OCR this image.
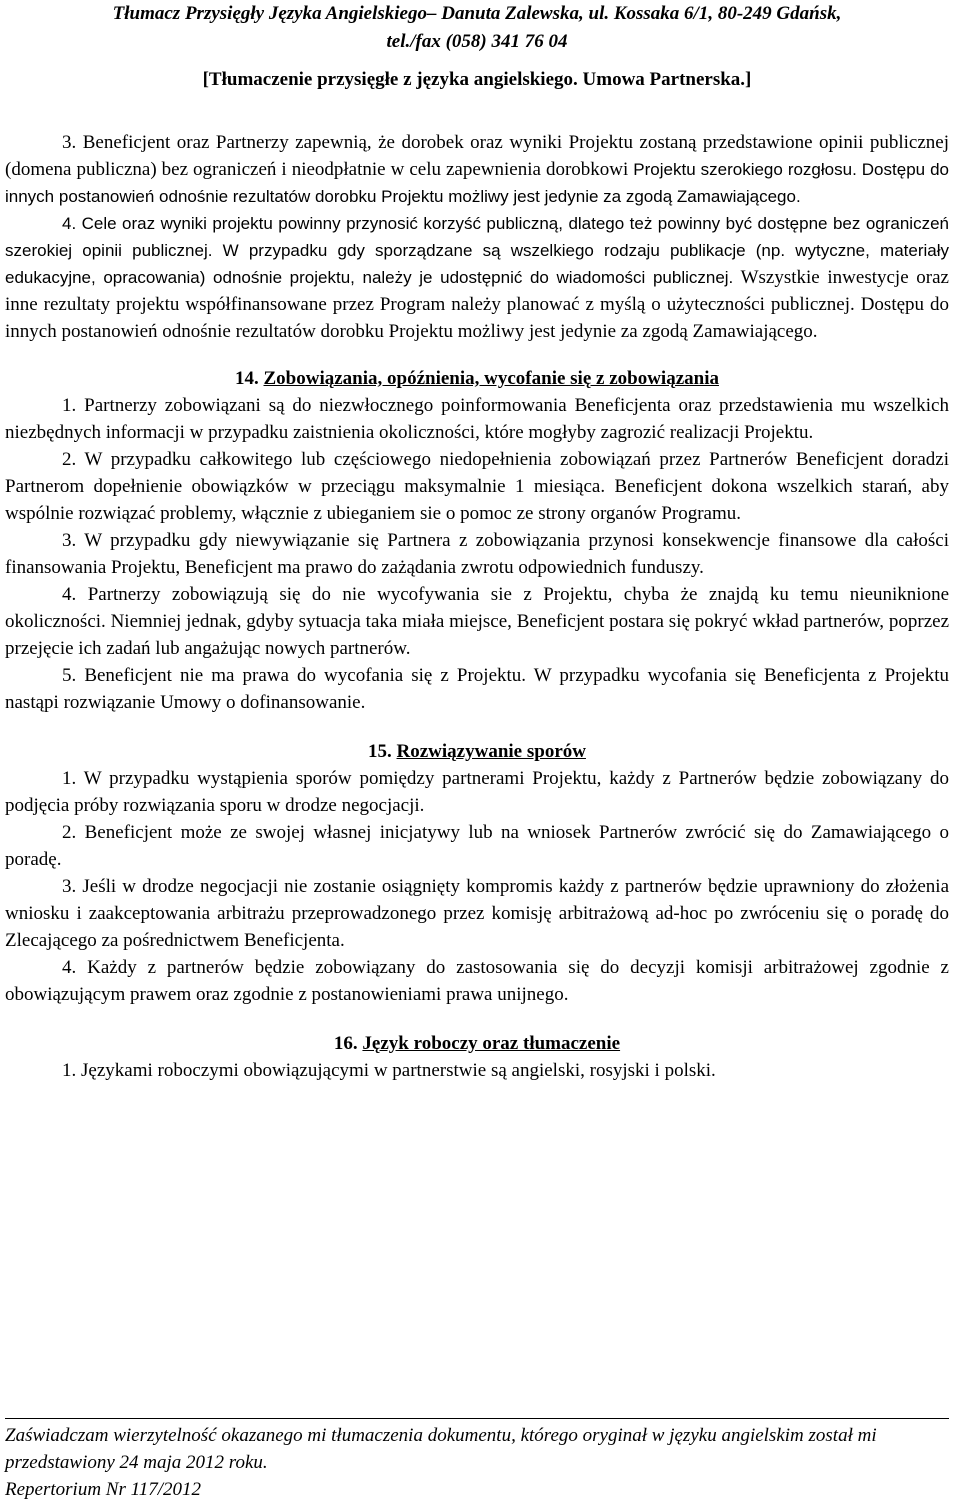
Tłumacz Przysięgły Języka Angielskiego– Danuta Zalewska, ul. Kossaka 6/1, 80-249 Gdańsk,
tel./fax (058) 341 76 04
[Tłumaczenie przysięgłe z języka angielskiego. Umowa Partnerska.]

3. Beneficjent oraz Partnerzy zapewnią, że dorobek oraz wyniki Projektu zostaną przedstawione opinii publicznej (domena publiczna) bez ograniczeń i nieodpłatnie w celu zapewnienia dorobkowi Projektu szerokiego rozgłosu. Dostępu do innych postanowień odnośnie rezultatów dorobku Projektu możliwy jest jedynie za zgodą Zamawiającego.

4. Cele oraz wyniki projektu powinny przynosić korzyść publiczną, dlatego też powinny być dostępne bez ograniczeń szerokiej opinii publicznej. W przypadku gdy sporządzane są wszelkiego rodzaju publikacje (np. wytyczne, materiały edukacyjne, opracowania) odnośnie projektu, należy je udostępnić do wiadomości publicznej. Wszystkie inwestycje oraz inne rezultaty projektu współfinansowane przez Program należy planować z myślą o użyteczności publicznej. Dostępu do innych postanowień odnośnie rezultatów dorobku Projektu możliwy jest jedynie za zgodą Zamawiającego.

14. Zobowiązania, opóźnienia, wycofanie się z zobowiązania

1. Partnerzy zobowiązani są do niezwłocznego poinformowania Beneficjenta oraz przedstawienia mu wszelkich niezbędnych informacji w przypadku zaistnienia okoliczności, które mogłyby zagrozić realizacji Projektu.

2. W przypadku całkowitego lub częściowego niedopełnienia zobowiązań przez Partnerów Beneficjent doradzi Partnerom dopełnienie obowiązków w przeciągu maksymalnie 1 miesiąca. Beneficjent dokona wszelkich starań, aby wspólnie rozwiązać problemy, włącznie z ubieganiem sie o pomoc ze strony organów Programu.

3. W przypadku gdy niewywiązanie się Partnera z zobowiązania przynosi konsekwencje finansowe dla całości finansowania Projektu, Beneficjent ma prawo do zażądania zwrotu odpowiednich funduszy.

4. Partnerzy zobowiązują się do nie wycofywania sie z Projektu, chyba że znajdą ku temu nieuniknione okoliczności. Niemniej jednak, gdyby sytuacja taka miała miejsce, Beneficjent postara się pokryć wkład partnerów, poprzez przejęcie ich zadań lub angażując nowych partnerów.

5. Beneficjent nie ma prawa do wycofania się z Projektu. W przypadku wycofania się Beneficjenta z Projektu nastąpi rozwiązanie Umowy o dofinansowanie.

15. Rozwiązywanie sporów

1. W przypadku wystąpienia sporów pomiędzy partnerami Projektu, każdy z Partnerów będzie zobowiązany do podjęcia próby rozwiązania sporu w drodze negocjacji.

2. Beneficjent może ze swojej własnej inicjatywy lub na wniosek Partnerów zwrócić się do Zamawiającego o poradę.

3. Jeśli w drodze negocjacji nie zostanie osiągnięty kompromis każdy z partnerów będzie uprawniony do złożenia wniosku i zaakceptowania arbitrażu przeprowadzonego przez komisję arbitrażową ad-hoc po zwróceniu się o poradę do Zlecającego za pośrednictwem Beneficjenta.

4. Każdy z partnerów będzie zobowiązany do zastosowania się do decyzji komisji arbitrażowej zgodnie z obowiązującym prawem oraz zgodnie z postanowieniami prawa unijnego.

16. Język roboczy oraz tłumaczenie

1. Językami roboczymi obowiązującymi w partnerstwie są angielski, rosyjski i polski.

Zaświadczam wierzytelność okazanego mi tłumaczenia dokumentu, którego oryginał w języku angielskim został mi przedstawiony 24 maja 2012 roku.

Repertorium Nr 117/2012
